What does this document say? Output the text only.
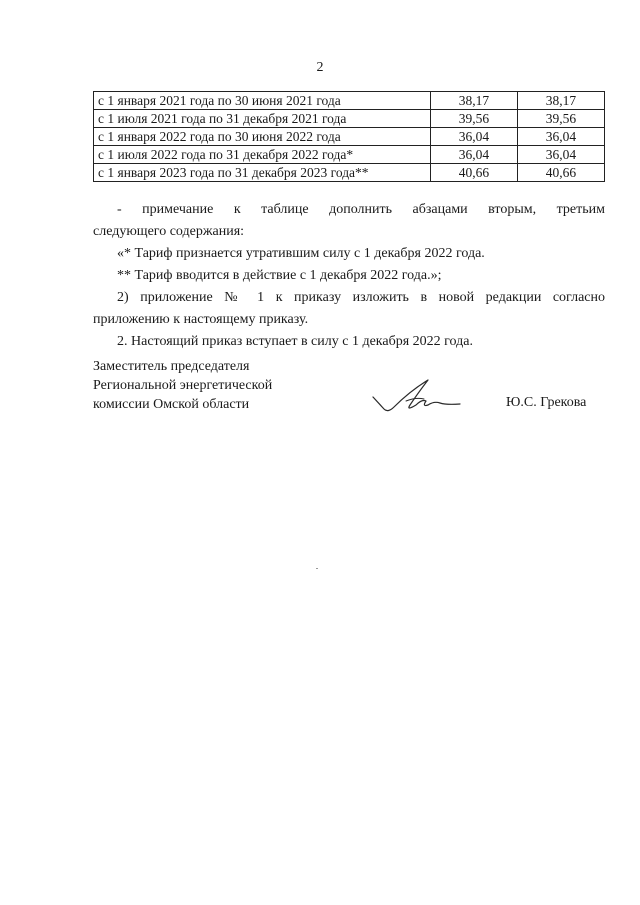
2
с 1 января 2021 года по 30 июня 2021 года	38,17	38,17
с 1 июля 2021 года по 31 декабря 2021 года	39,56	39,56
с 1 января 2022 года по 30 июня 2022 года	36,04	36,04
с 1 июля 2022 года по 31 декабря 2022 года*	36,04	36,04
с 1 января 2023 года по 31 декабря 2023 года**	40,66	40,66

- примечание к таблице дополнить абзацами вторым, третьим

следующего содержания:

«* Тариф признается утратившим силу с 1 декабря 2022 года.

** Тариф вводится в действие с 1 декабря 2022 года.»;

2) приложение № 1 к приказу изложить в новой редакции согласно

приложению к настоящему приказу.

2. Настоящий приказ вступает в силу с 1 декабря 2022 года.

Заместитель председателя
Региональной энергетической
комиссии Омской области	Ю.С. Грекова
